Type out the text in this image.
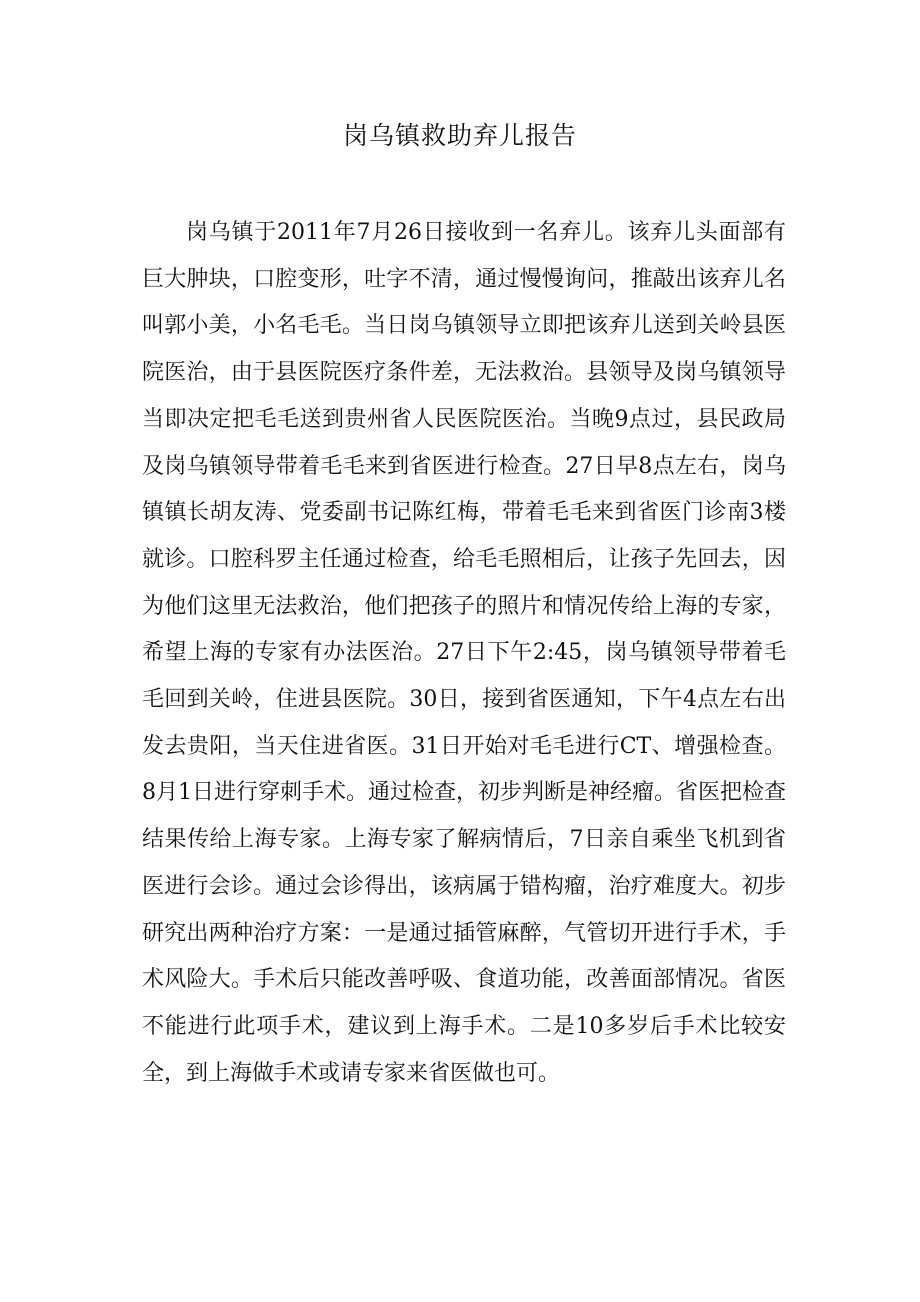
岗乌镇救助弃儿报告

岗乌镇于2011年7月26日接收到一名弃儿。该弃儿头面部有巨大肿块，口腔变形，吐字不清，通过慢慢询问，推敲出该弃儿名叫郭小美，小名毛毛。当日岗乌镇领导立即把该弃儿送到关岭县医院医治，由于县医院医疗条件差，无法救治。县领导及岗乌镇领导当即决定把毛毛送到贵州省人民医院医治。当晚9点过，县民政局及岗乌镇领导带着毛毛来到省医进行检查。27日早8点左右，岗乌镇镇长胡友涛、党委副书记陈红梅，带着毛毛来到省医门诊南3楼就诊。口腔科罗主任通过检查，给毛毛照相后，让孩子先回去，因为他们这里无法救治，他们把孩子的照片和情况传给上海的专家，希望上海的专家有办法医治。27日下午2:45，岗乌镇领导带着毛毛回到关岭，住进县医院。30日，接到省医通知，下午4点左右出发去贵阳，当天住进省医。31日开始对毛毛进行CT、增强检查。8月1日进行穿刺手术。通过检查，初步判断是神经瘤。省医把检查结果传给上海专家。上海专家了解病情后，7日亲自乘坐飞机到省医进行会诊。通过会诊得出，该病属于错构瘤，治疗难度大。初步研究出两种治疗方案：一是通过插管麻醉，气管切开进行手术，手术风险大。手术后只能改善呼吸、食道功能，改善面部情况。省医不能进行此项手术，建议到上海手术。二是10多岁后手术比较安全，到上海做手术或请专家来省医做也可。
